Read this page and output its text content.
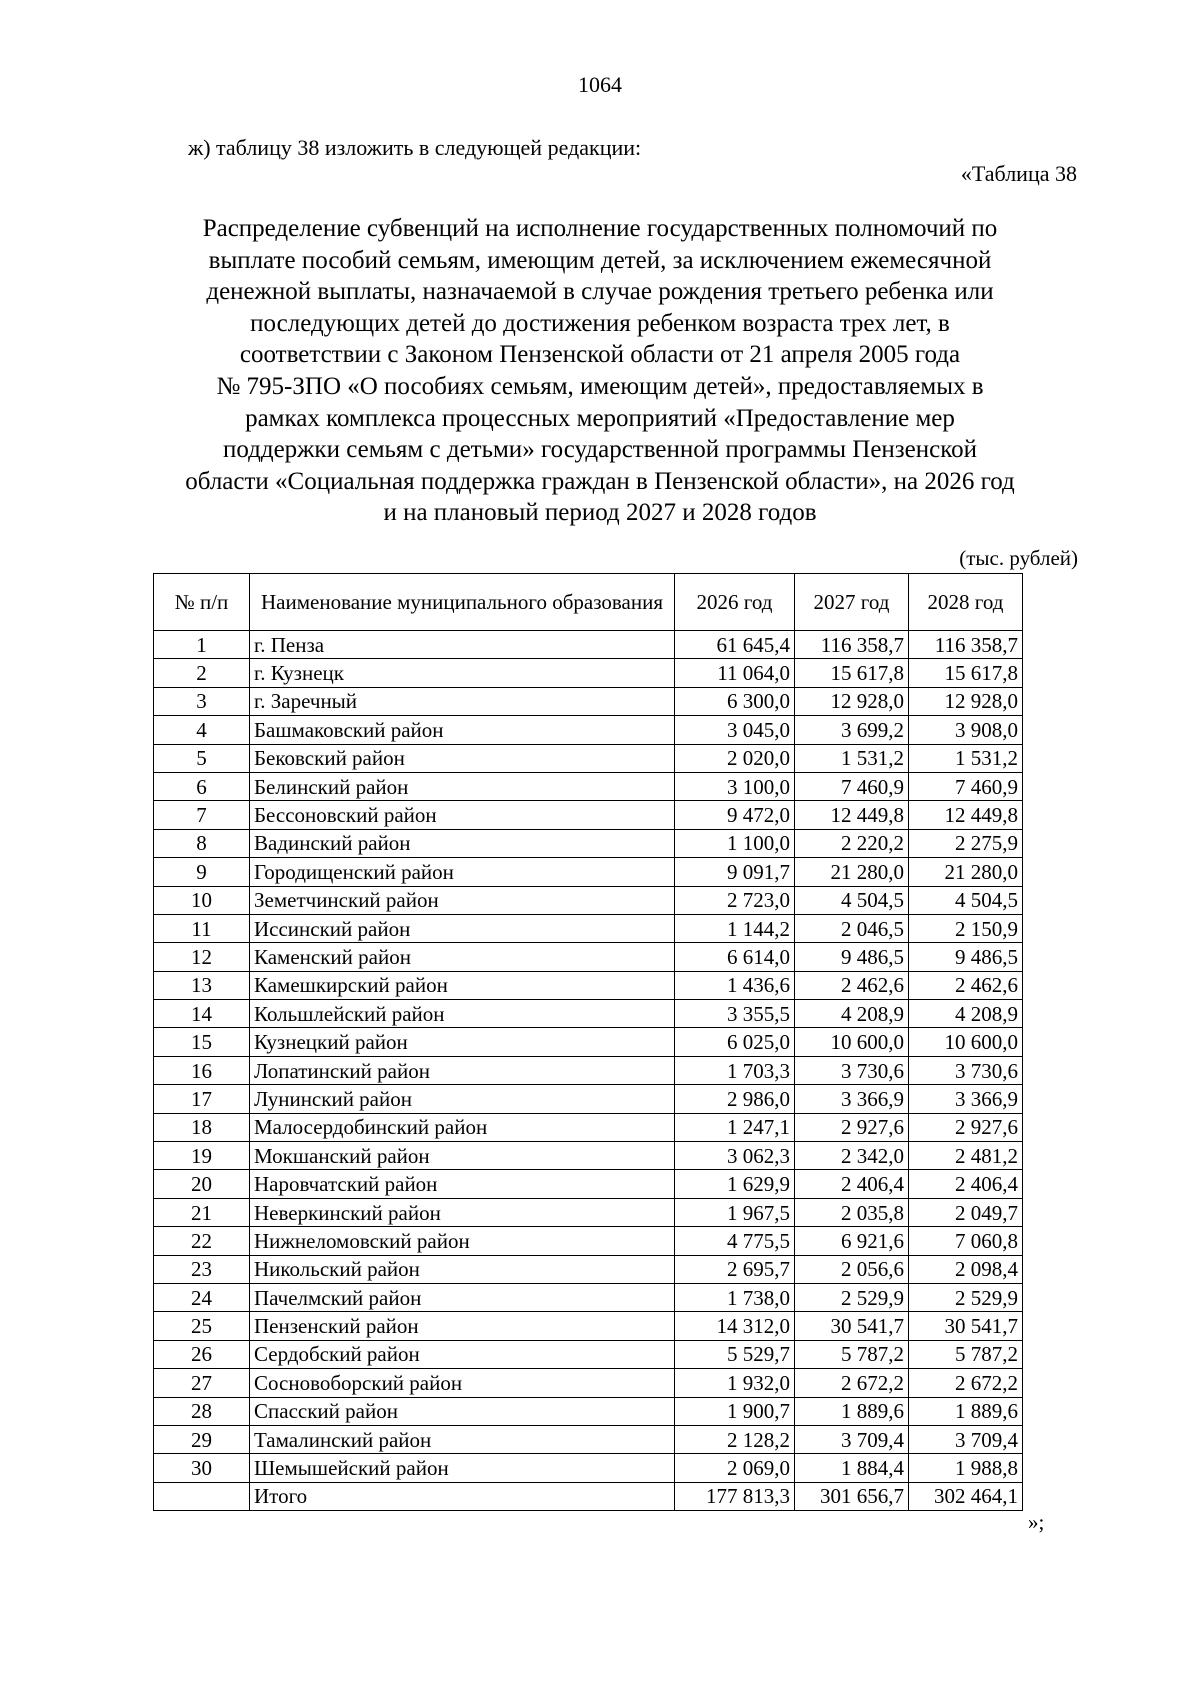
1064
ж) таблицу 38 изложить в следующей редакции:
«Таблица 38
Распределение субвенций на исполнение государственных полномочий по
выплате пособий семьям, имеющим детей, за исключением ежемесячной
денежной выплаты, назначаемой в случае рождения третьего ребенка или
последующих детей до достижения ребенком возраста трех лет, в
соответствии с Законом Пензенской области от 21 апреля 2005 года
№ 795-ЗПО «О пособиях семьям, имеющим детей», предоставляемых в
рамках комплекса процессных мероприятий «Предоставление мер
поддержки семьям с детьми» государственной программы Пензенской
области «Социальная поддержка граждан в Пензенской области», на 2026 год
и на плановый период 2027 и 2028 годов
(тыс. рублей)
№ п/п	Наименование муниципального образования	2026 год	2027 год	2028 год
1	г. Пенза	61 645,4	116 358,7	116 358,7
2	г. Кузнецк	11 064,0	15 617,8	15 617,8
3	г. Заречный	6 300,0	12 928,0	12 928,0
4	Башмаковский район	3 045,0	3 699,2	3 908,0
5	Бековский район	2 020,0	1 531,2	1 531,2
6	Белинский район	3 100,0	7 460,9	7 460,9
7	Бессоновский район	9 472,0	12 449,8	12 449,8
8	Вадинский район	1 100,0	2 220,2	2 275,9
9	Городищенский район	9 091,7	21 280,0	21 280,0
10	Земетчинский район	2 723,0	4 504,5	4 504,5
11	Иссинский район	1 144,2	2 046,5	2 150,9
12	Каменский район	6 614,0	9 486,5	9 486,5
13	Камешкирский район	1 436,6	2 462,6	2 462,6
14	Кольшлейский район	3 355,5	4 208,9	4 208,9
15	Кузнецкий район	6 025,0	10 600,0	10 600,0
16	Лопатинский район	1 703,3	3 730,6	3 730,6
17	Лунинский район	2 986,0	3 366,9	3 366,9
18	Малосердобинский район	1 247,1	2 927,6	2 927,6
19	Мокшанский район	3 062,3	2 342,0	2 481,2
20	Наровчатский район	1 629,9	2 406,4	2 406,4
21	Неверкинский район	1 967,5	2 035,8	2 049,7
22	Нижнеломовский район	4 775,5	6 921,6	7 060,8
23	Никольский район	2 695,7	2 056,6	2 098,4
24	Пачелмский район	1 738,0	2 529,9	2 529,9
25	Пензенский район	14 312,0	30 541,7	30 541,7
26	Сердобский район	5 529,7	5 787,2	5 787,2
27	Сосновоборский район	1 932,0	2 672,2	2 672,2
28	Спасский район	1 900,7	1 889,6	1 889,6
29	Тамалинский район	2 128,2	3 709,4	3 709,4
30	Шемышейский район	2 069,0	1 884,4	1 988,8
	Итого	177 813,3	301 656,7	302 464,1
»;
